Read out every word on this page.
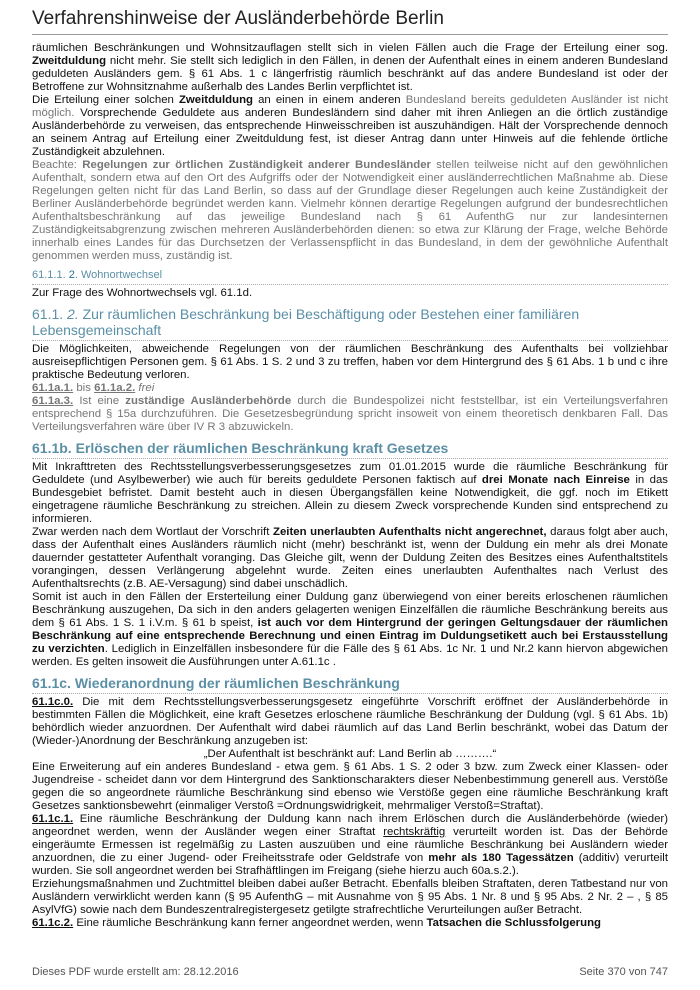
Verfahrenshinweise der Ausländerbehörde Berlin

räumlichen Beschränkungen und Wohnsitzauflagen stellt sich in vielen Fällen auch die Frage der Erteilung einer sog. Zweitduldung nicht mehr. Sie stellt sich lediglich in den Fällen, in denen der Aufenthalt eines in einem anderen Bundesland geduldeten Ausländers gem. § 61 Abs. 1 c längerfristig räumlich beschränkt auf das andere Bundesland ist oder der Betroffene zur Wohnsitznahme außerhalb des Landes Berlin verpflichtet ist.

Die Erteilung einer solchen Zweitduldung an einen in einem anderen Bundesland bereits geduldeten Ausländer ist nicht möglich. Vorsprechende Geduldete aus anderen Bundesländern sind daher mit ihren Anliegen an die örtlich zuständige Ausländerbehörde zu verweisen, das entsprechende Hinweisschreiben ist auszuhändigen. Hält der Vorsprechende dennoch an seinem Antrag auf Erteilung einer Zweitduldung fest, ist dieser Antrag dann unter Hinweis auf die fehlende örtliche Zuständigkeit abzulehnen.

Beachte: Regelungen zur örtlichen Zuständigkeit anderer Bundesländer stellen teilweise nicht auf den gewöhnlichen Aufenthalt, sondern etwa auf den Ort des Aufgriffs oder der Notwendigkeit einer ausländerrechtlichen Maßnahme ab. Diese Regelungen gelten nicht für das Land Berlin, so dass auf der Grundlage dieser Regelungen auch keine Zuständigkeit der Berliner Ausländerbehörde begründet werden kann. Vielmehr können derartige Regelungen aufgrund der bundesrechtlichen Aufenthaltsbeschränkung auf das jeweilige Bundesland nach § 61 AufenthG nur zur landesinternen Zuständigkeitsabgrenzung zwischen mehreren Ausländerbehörden dienen: so etwa zur Klärung der Frage, welche Behörde innerhalb eines Landes für das Durchsetzen der Verlassenspflicht in das Bundesland, in dem der gewöhnliche Aufenthalt genommen werden muss, zuständig ist.

61.1.1. 2. Wohnortwechsel

Zur Frage des Wohnortwechsels vgl. 61.1d.

61.1. 2. Zur räumlichen Beschränkung bei Beschäftigung oder Bestehen einer familiären Lebensgemeinschaft

Die Möglichkeiten, abweichende Regelungen von der räumlichen Beschränkung des Aufenthalts bei vollziehbar ausreisepflichtigen Personen gem. § 61 Abs. 1 S. 2 und 3 zu treffen, haben vor dem Hintergrund des § 61 Abs. 1 b und c ihre praktische Bedeutung verloren.

61.1a.1. bis 61.1a.2. frei

61.1a.3. Ist eine zuständige Ausländerbehörde durch die Bundespolizei nicht feststellbar, ist ein Verteilungsverfahren entsprechend § 15a durchzuführen. Die Gesetzesbegründung spricht insoweit von einem theoretisch denkbaren Fall. Das Verteilungsverfahren wäre über IV R 3 abzuwickeln.

61.1b. Erlöschen der räumlichen Beschränkung kraft Gesetzes

Mit Inkrafttreten des Rechtsstellungsverbesserungsgesetzes zum 01.01.2015 wurde die räumliche Beschränkung für Geduldete (und Asylbewerber) wie auch für bereits geduldete Personen faktisch auf drei Monate nach Einreise in das Bundesgebiet befristet. Damit besteht auch in diesen Übergangsfällen keine Notwendigkeit, die ggf. noch im Etikett eingetragene räumliche Beschränkung zu streichen. Allein zu diesem Zweck vorsprechende Kunden sind entsprechend zu informieren.

Zwar werden nach dem Wortlaut der Vorschrift Zeiten unerlaubten Aufenthalts nicht angerechnet, daraus folgt aber auch, dass der Aufenthalt eines Ausländers räumlich nicht (mehr) beschränkt ist, wenn der Duldung ein mehr als drei Monate dauernder gestatteter Aufenthalt voranging. Das Gleiche gilt, wenn der Duldung Zeiten des Besitzes eines Aufenthaltstitels vorangingen, dessen Verlängerung abgelehnt wurde. Zeiten eines unerlaubten Aufenthaltes nach Verlust des Aufenthaltsrechts (z.B. AE-Versagung) sind dabei unschädlich.

Somit ist auch in den Fällen der Ersterteilung einer Duldung ganz überwiegend von einer bereits erloschenen räumlichen Beschränkung auszugehen, Da sich in den anders gelagerten wenigen Einzelfällen die räumliche Beschränkung bereits aus dem § 61 Abs. 1 S. 1 i.V.m. § 61 b speist, ist auch vor dem Hintergrund der geringen Geltungsdauer der räumlichen Beschränkung auf eine entsprechende Berechnung und einen Eintrag im Duldungsetikett auch bei Erstausstellung zu verzichten. Lediglich in Einzelfällen insbesondere für die Fälle des § 61 Abs. 1c Nr. 1 und Nr.2 kann hiervon abgewichen werden. Es gelten insoweit die Ausführungen unter A.61.1c .

61.1c. Wiederanordnung der räumlichen Beschränkung

61.1c.0. Die mit dem Rechtsstellungsverbesserungsgesetz eingeführte Vorschrift eröffnet der Ausländerbehörde in bestimmten Fällen die Möglichkeit, eine kraft Gesetzes erloschene räumliche Beschränkung der Duldung (vgl. § 61 Abs. 1b) behördlich wieder anzuordnen. Der Aufenthalt wird dabei räumlich auf das Land Berlin beschränkt, wobei das Datum der (Wieder-)Anordnung der Beschränkung anzugeben ist:

„Der Aufenthalt ist beschränkt auf: Land Berlin ab ……….“

Eine Erweiterung auf ein anderes Bundesland - etwa gem. § 61 Abs. 1 S. 2 oder 3 bzw. zum Zweck einer Klassen- oder Jugendreise - scheidet dann vor dem Hintergrund des Sanktionscharakters dieser Nebenbestimmung generell aus. Verstöße gegen die so angeordnete räumliche Beschränkung sind ebenso wie Verstöße gegen eine räumliche Beschränkung kraft Gesetzes sanktionsbewehrt (einmaliger Verstoß =Ordnungswidrigkeit, mehrmaliger Verstoß=Straftat).

61.1c.1. Eine räumliche Beschränkung der Duldung kann nach ihrem Erlöschen durch die Ausländerbehörde (wieder) angeordnet werden, wenn der Ausländer wegen einer Straftat rechtskräftig verurteilt worden ist. Das der Behörde eingeräumte Ermessen ist regelmäßig zu Lasten auszuüben und eine räumliche Beschränkung bei Ausländern wieder anzuordnen, die zu einer Jugend- oder Freiheitsstrafe oder Geldstrafe von mehr als 180 Tagessätzen (additiv) verurteilt wurden. Sie soll angeordnet werden bei Strafhäftlingen im Freigang (siehe hierzu auch 60a.s.2.).

Erziehungsmaßnahmen und Zuchtmittel bleiben dabei außer Betracht. Ebenfalls bleiben Straftaten, deren Tatbestand nur von Ausländern verwirklicht werden kann (§ 95 AufenthG – mit Ausnahme von § 95 Abs. 1 Nr. 8 und § 95 Abs. 2 Nr. 2 – , § 85 AsylVfG) sowie nach dem Bundeszentralregistergesetz getilgte strafrechtliche Verurteilungen außer Betracht.

61.1c.2. Eine räumliche Beschränkung kann ferner angeordnet werden, wenn Tatsachen die Schlussfolgerung

Dieses PDF wurde erstellt am: 28.12.2016	Seite 370 von 747
